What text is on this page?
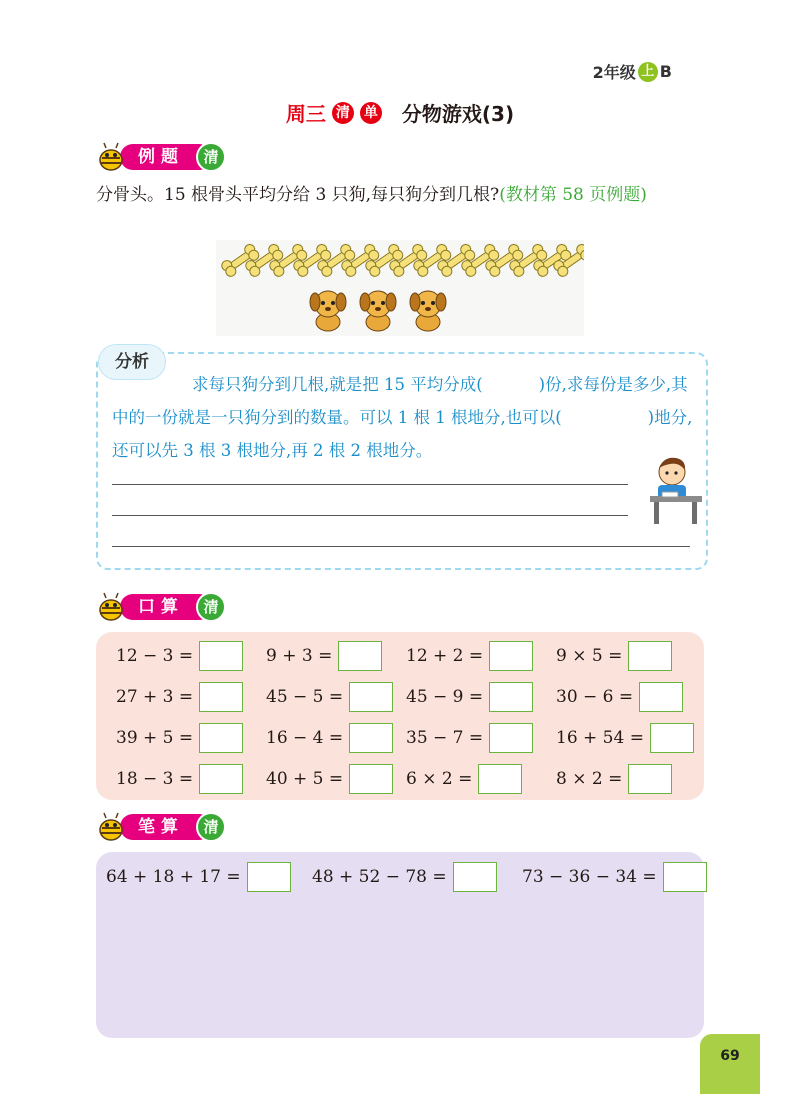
2年级 上 B
周三 清 单 分物游戏(3)
例题	清
分骨头。15 根骨头平均分给 3 只狗,每只狗分到几根?(教材第 58 页例题)
分析
求每只狗分到几根,就是把 15 平均分成(	)份,求每份是多少,其中的一份就是一只狗分到的数量。可以 1 根 1 根地分,也可以(	)地分,还可以先 3 根 3 根地分,再 2 根 2 根地分。
口算	清
12 − 3 =	9 + 3 =	12 + 2 =	9 × 5 =
27 + 3 =	45 − 5 =	45 − 9 =	30 − 6 =
39 + 5 =	16 − 4 =	35 − 7 =	16 + 54 =
18 − 3 =	40 + 5 =	6 × 2 =	8 × 2 =
笔算	清
64 + 18 + 17 =	48 + 52 − 78 =	73 − 36 − 34 =
69
